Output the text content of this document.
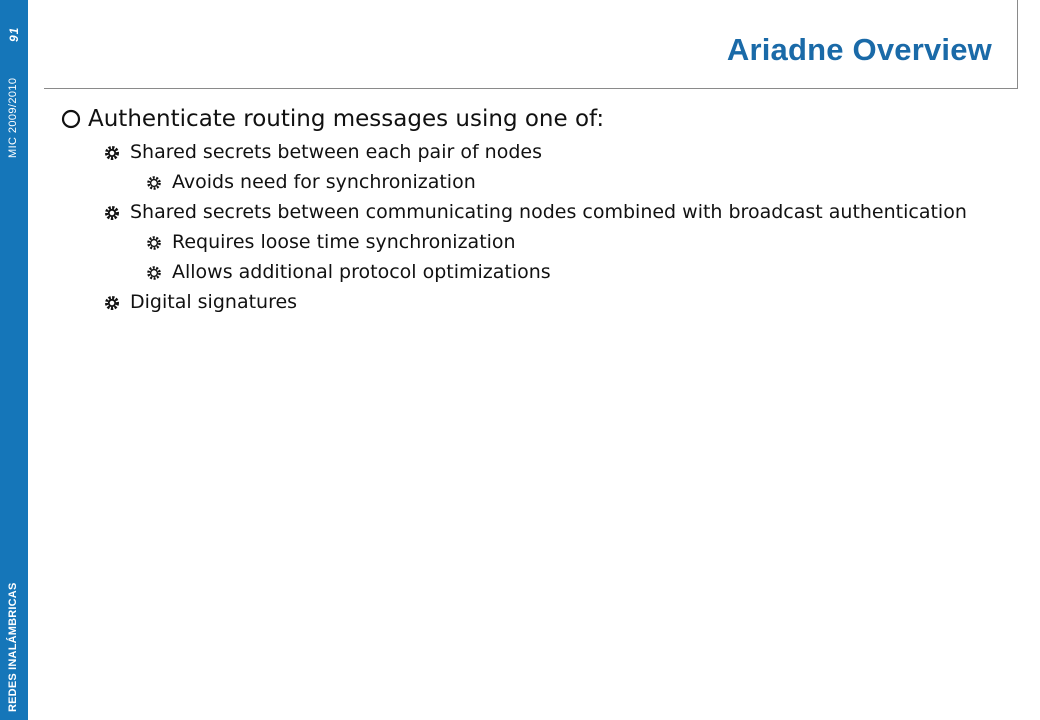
MIC 2009/2010
91
REDES INALÁMBRICAS
Ariadne Overview
Authenticate routing messages using one of:
Shared secrets between each pair of nodes
Avoids need for synchronization
Shared secrets between communicating nodes combined with broadcast authentication
Requires loose time synchronization
Allows additional protocol optimizations
Digital signatures
